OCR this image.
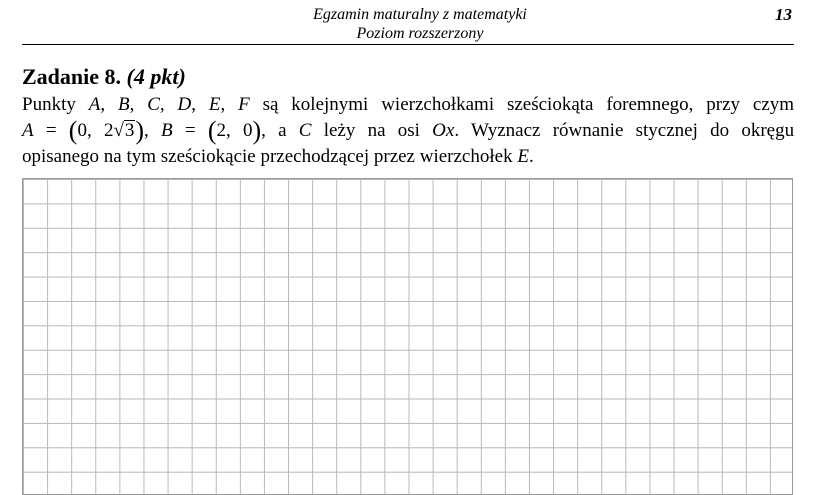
Egzamin maturalny z matematyki
Poziom rozszerzony
13
Zadanie 8. (4 pkt)
Punkty A, B, C, D, E, F są kolejnymi wierzchołkami sześciokąta foremnego, przy czym
A = (0, 2√3), B = (2, 0), a C leży na osi Ox. Wyznacz równanie stycznej do okręgu
opisanego na tym sześciokącie przechodzącej przez wierzchołek E.
